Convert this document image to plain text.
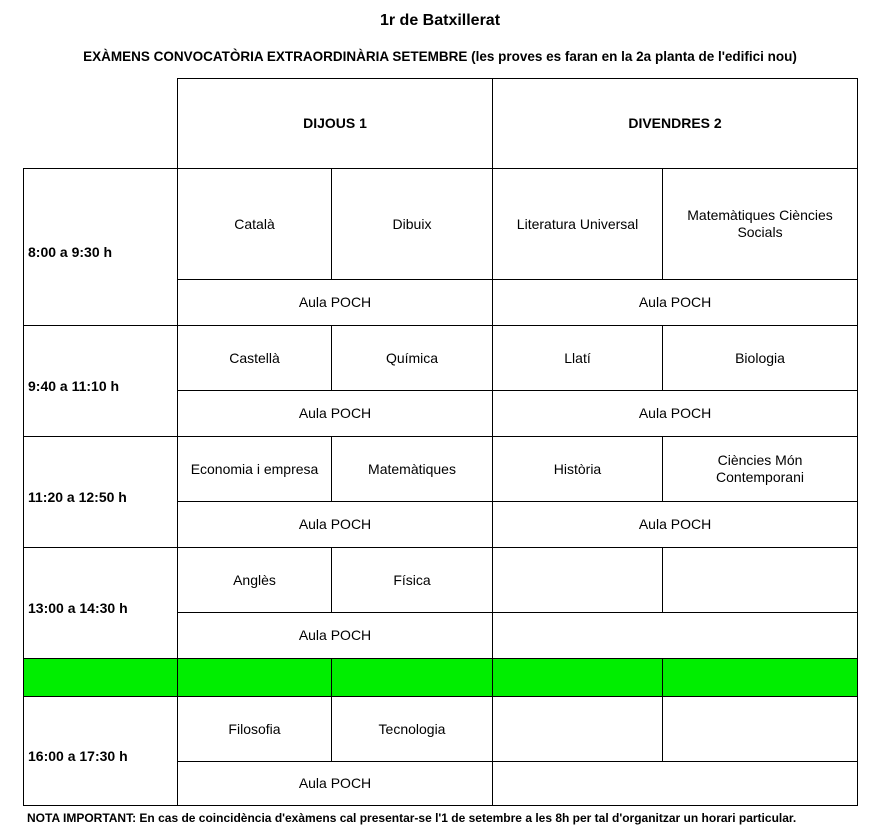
1r de Batxillerat
EXÀMENS CONVOCATÒRIA EXTRAORDINÀRIA SETEMBRE (les proves es faran en la 2a planta de l'edifici nou)
	DIJOUS 1		DIVENDRES 2	
8:00 a 9:30 h	Català	Dibuix	Literatura Universal	Matemàtiques Ciències Socials
	Aula POCH		Aula POCH	
9:40 a 11:10 h	Castellà	Química	Llatí	Biologia
	Aula POCH		Aula POCH	
11:20 a 12:50 h	Economia i empresa	Matemàtiques	Història	Ciències Món Contemporani
	Aula POCH		Aula POCH	
13:00 a 14:30 h	Anglès	Física		
	Aula POCH			

16:00 a 17:30 h	Filosofia	Tecnologia		
	Aula POCH			
NOTA IMPORTANT: En cas de coincidència d'exàmens cal presentar-se l'1 de setembre a les 8h per tal d'organitzar un horari particular.
